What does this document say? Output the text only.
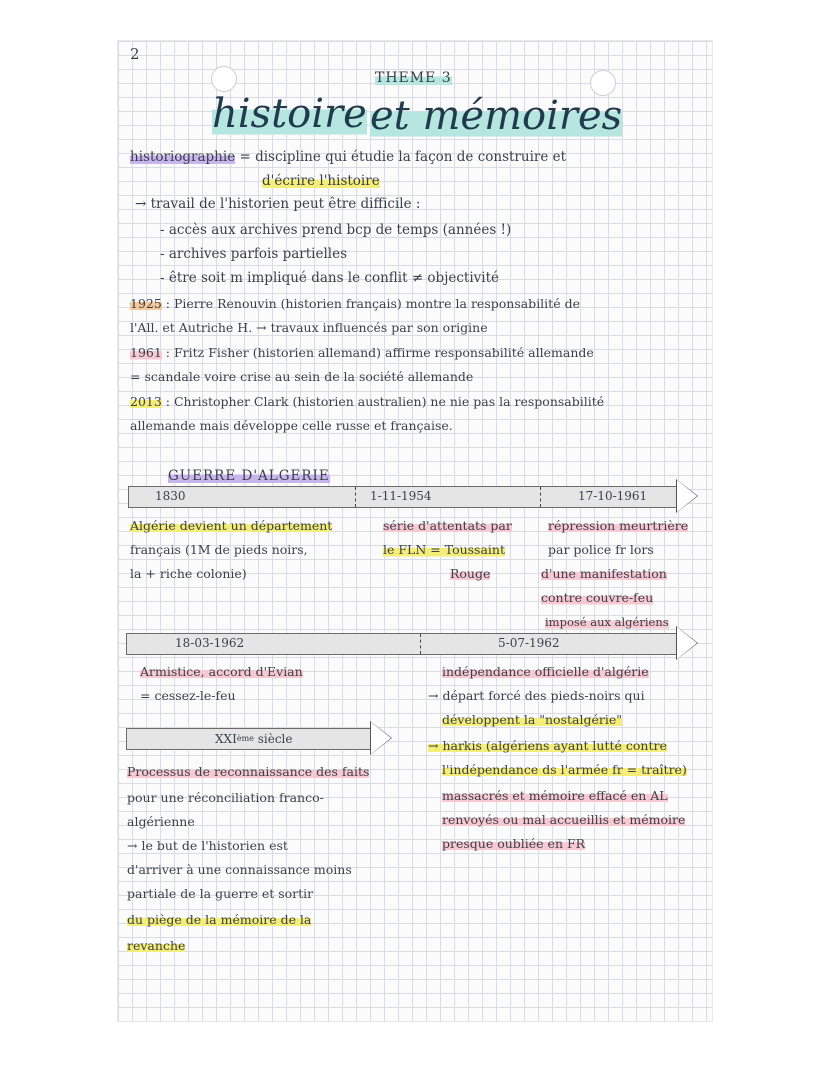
2
THEME 3
histoire et mémoires
historiographie = discipline qui étudie la façon de construire et
d'écrire l'histoire
→ travail de l'historien peut être difficile :
- accès aux archives prend bcp de temps (années !)
- archives parfois partielles
- être soit m impliqué dans le conflit ≠ objectivité
1925 : Pierre Renouvin (historien français) montre la responsabilité de
l'All. et Autriche H. → travaux influencés par son origine
1961 : Fritz Fisher (historien allemand) affirme responsabilité allemande
= scandale voire crise au sein de la société allemande
2013 : Christopher Clark (historien australien) ne nie pas la responsabilité
allemande mais développe celle russe et française.
GUERRE D'ALGERIE
1830	1-11-1954	17-10-1961
Algérie devient un département
français (1M de pieds noirs,
la + riche colonie)
série d'attentats par
le FLN = Toussaint
Rouge
répression meurtrière
par police fr lors
d'une manifestation
contre couvre-feu
imposé aux algériens
18-03-1962	5-07-1962
Armistice, accord d'Evian
= cessez-le-feu
indépendance officielle d'algérie
→ départ forcé des pieds-noirs qui
développent la "nostalgérie"
→ harkis (algériens ayant lutté contre
l'indépendance ds l'armée fr = traître)
massacrés et mémoire effacé en AL
renvoyés ou mal accueillis et mémoire
presque oubliée en FR
XXIème siècle
Processus de reconnaissance des faits
pour une réconciliation franco-
algérienne
→ le but de l'historien est
d'arriver à une connaissance moins
partiale de la guerre et sortir
du piège de la mémoire de la
revanche
